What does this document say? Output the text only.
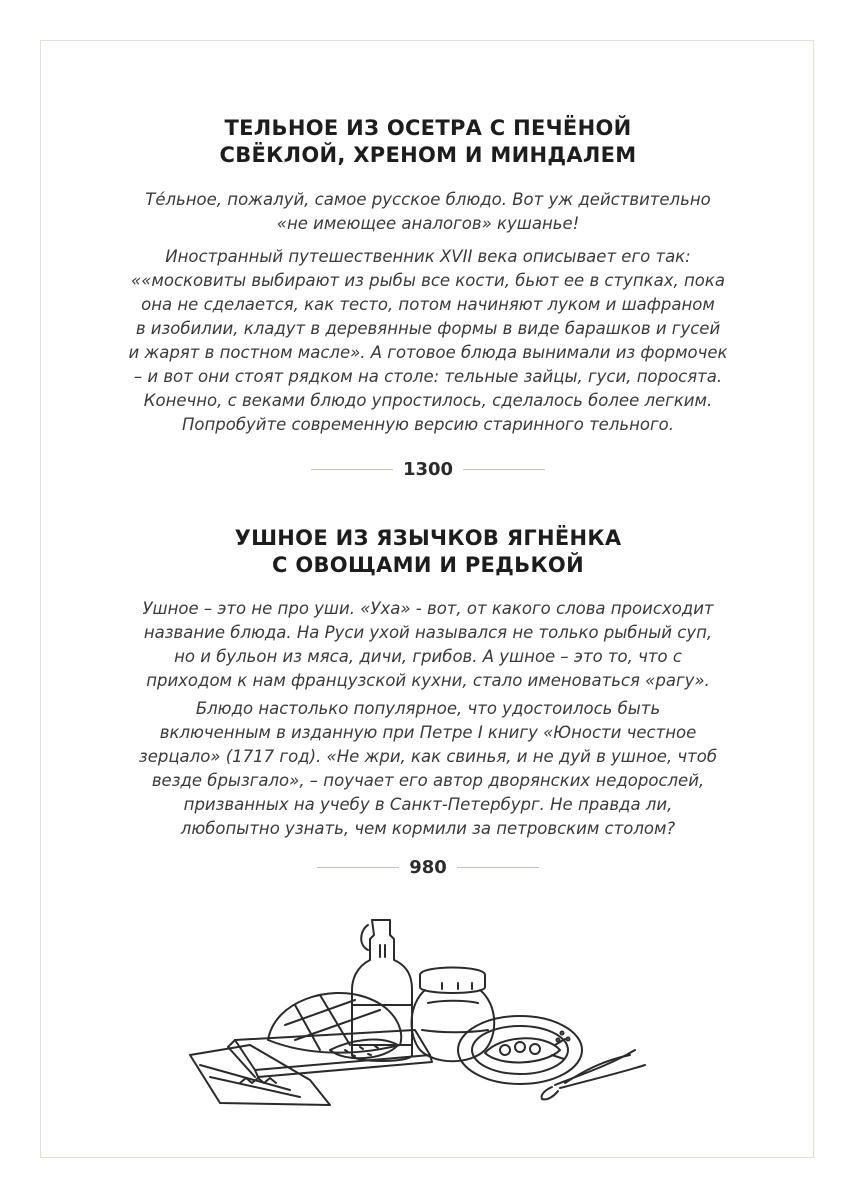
ТЕЛЬНОЕ ИЗ ОСЕТРА С ПЕЧЁНОЙ
СВЁКЛОЙ, ХРЕНОМ И МИНДАЛЕМ

Те́льное, пожалуй, самое русское блюдо. Вот уж действительно
«не имеющее аналогов» кушанье!

Иностранный путешественник XVII века описывает его так:
««московиты выбирают из рыбы все кости, бьют ее в ступках, пока
она не сделается, как тесто, потом начиняют луком и шафраном
в изобилии, кладут в деревянные формы в виде барашков и гусей
и жарят в постном масле». А готовое блюда вынимали из формочек
– и вот они стоят рядком на столе: тельные зайцы, гуси, поросята.
Конечно, с веками блюдо упростилось, сделалось более легким.

Попробуйте современную версию старинного тельного.

1300
УШНОЕ ИЗ ЯЗЫЧКОВ ЯГНЁНКА
С ОВОЩАМИ И РЕДЬКОЙ

Ушное – это не про уши. «Уха» - вот, от какого слова происходит
название блюда. На Руси ухой назывался не только рыбный суп,
но и бульон из мяса, дичи, грибов. А ушное – это то, что с
приходом к нам французской кухни, стало именоваться «рагу».

Блюдо настолько популярное, что удостоилось быть
включенным в изданную при Петре I книгу «Юности честное
зерцало» (1717 год). «Не жри, как свинья, и не дуй в ушное, чтоб
везде брызгало», – поучает его автор дворянских недорослей,
призванных на учебу в Санкт-Петербург. Не правда ли,
любопытно узнать, чем кормили за петровским столом?

980
